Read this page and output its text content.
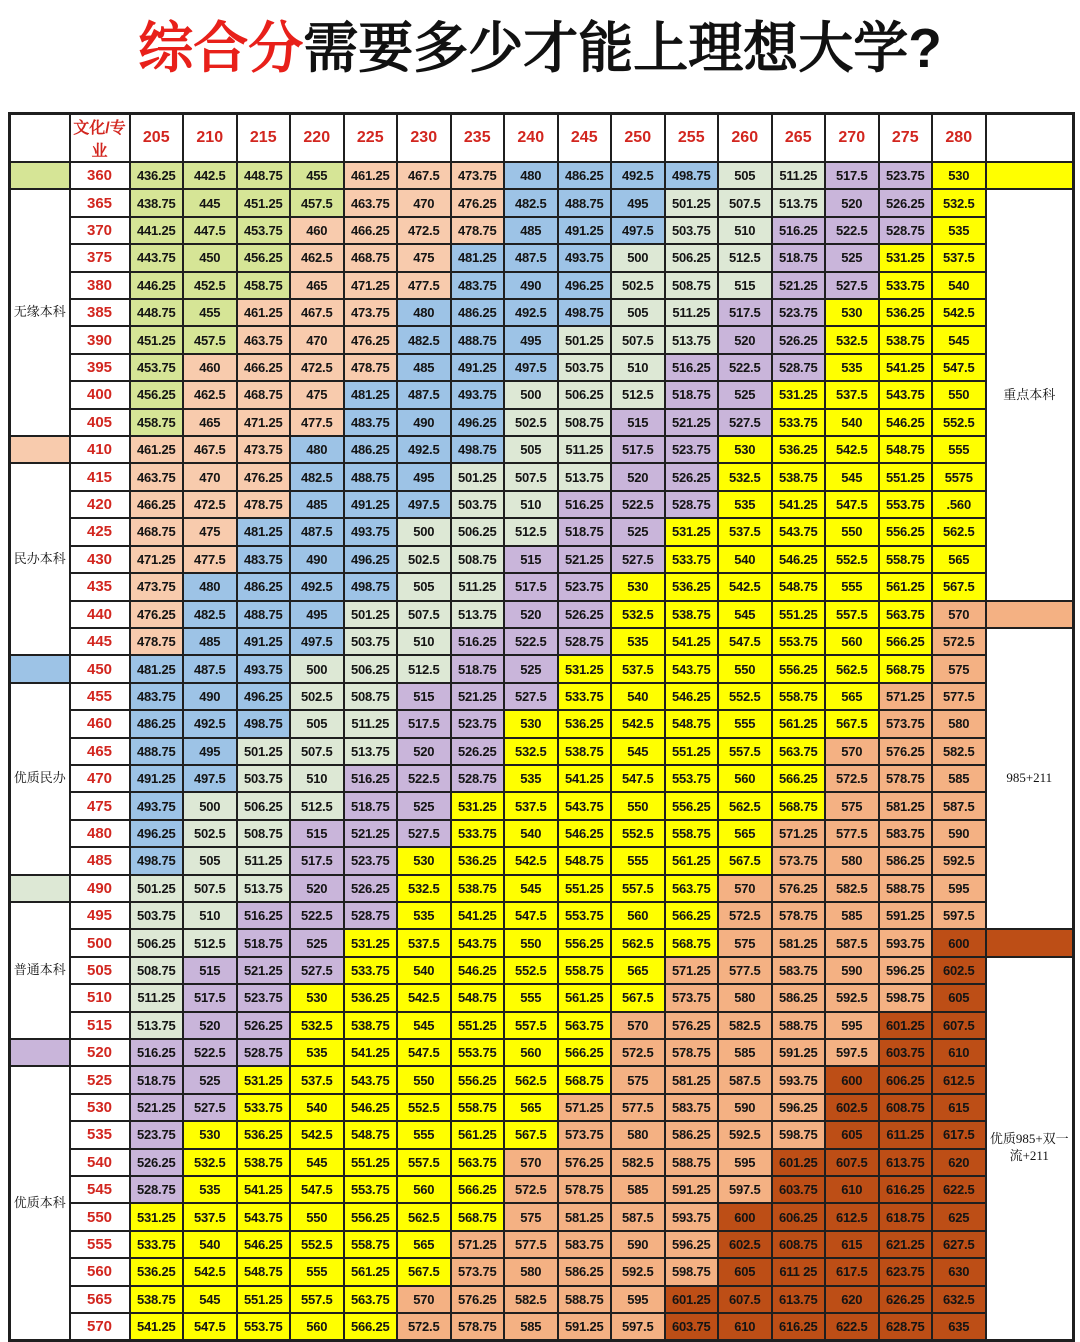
综合分需要多少才能上理想大学?
	文化/专业	205	210	215	220	225	230	235	240	245	250	255	260	265	270	275	280	
	360	436.25	442.5	448.75	455	461.25	467.5	473.75	480	486.25	492.5	498.75	505	511.25	517.5	523.75	530	
无缘本科	365	438.75	445	451.25	457.5	463.75	470	476.25	482.5	488.75	495	501.25	507.5	513.75	520	526.25	532.5	重点本科
	370	441.25	447.5	453.75	460	466.25	472.5	478.75	485	491.25	497.5	503.75	510	516.25	522.5	528.75	535	
	375	443.75	450	456.25	462.5	468.75	475	481.25	487.5	493.75	500	506.25	512.5	518.75	525	531.25	537.5	
	380	446.25	452.5	458.75	465	471.25	477.5	483.75	490	496.25	502.5	508.75	515	521.25	527.5	533.75	540	
	385	448.75	455	461.25	467.5	473.75	480	486.25	492.5	498.75	505	511.25	517.5	523.75	530	536.25	542.5	
	390	451.25	457.5	463.75	470	476.25	482.5	488.75	495	501.25	507.5	513.75	520	526.25	532.5	538.75	545	
	395	453.75	460	466.25	472.5	478.75	485	491.25	497.5	503.75	510	516.25	522.5	528.75	535	541.25	547.5	
	400	456.25	462.5	468.75	475	481.25	487.5	493.75	500	506.25	512.5	518.75	525	531.25	537.5	543.75	550	
	405	458.75	465	471.25	477.5	483.75	490	496.25	502.5	508.75	515	521.25	527.5	533.75	540	546.25	552.5	
	410	461.25	467.5	473.75	480	486.25	492.5	498.75	505	511.25	517.5	523.75	530	536.25	542.5	548.75	555	
民办本科	415	463.75	470	476.25	482.5	488.75	495	501.25	507.5	513.75	520	526.25	532.5	538.75	545	551.25	5575	
	420	466.25	472.5	478.75	485	491.25	497.5	503.75	510	516.25	522.5	528.75	535	541.25	547.5	553.75	.560	
	425	468.75	475	481.25	487.5	493.75	500	506.25	512.5	518.75	525	531.25	537.5	543.75	550	556.25	562.5	
	430	471.25	477.5	483.75	490	496.25	502.5	508.75	515	521.25	527.5	533.75	540	546.25	552.5	558.75	565	
	435	473.75	480	486.25	492.5	498.75	505	511.25	517.5	523.75	530	536.25	542.5	548.75	555	561.25	567.5	
	440	476.25	482.5	488.75	495	501.25	507.5	513.75	520	526.25	532.5	538.75	545	551.25	557.5	563.75	570	
	445	478.75	485	491.25	497.5	503.75	510	516.25	522.5	528.75	535	541.25	547.5	553.75	560	566.25	572.5	985+211
	450	481.25	487.5	493.75	500	506.25	512.5	518.75	525	531.25	537.5	543.75	550	556.25	562.5	568.75	575	
优质民办	455	483.75	490	496.25	502.5	508.75	515	521.25	527.5	533.75	540	546.25	552.5	558.75	565	571.25	577.5	
	460	486.25	492.5	498.75	505	511.25	517.5	523.75	530	536.25	542.5	548.75	555	561.25	567.5	573.75	580	
	465	488.75	495	501.25	507.5	513.75	520	526.25	532.5	538.75	545	551.25	557.5	563.75	570	576.25	582.5	
	470	491.25	497.5	503.75	510	516.25	522.5	528.75	535	541.25	547.5	553.75	560	566.25	572.5	578.75	585	
	475	493.75	500	506.25	512.5	518.75	525	531.25	537.5	543.75	550	556.25	562.5	568.75	575	581.25	587.5	
	480	496.25	502.5	508.75	515	521.25	527.5	533.75	540	546.25	552.5	558.75	565	571.25	577.5	583.75	590	
	485	498.75	505	511.25	517.5	523.75	530	536.25	542.5	548.75	555	561.25	567.5	573.75	580	586.25	592.5	
	490	501.25	507.5	513.75	520	526.25	532.5	538.75	545	551.25	557.5	563.75	570	576.25	582.5	588.75	595	
普通本科	495	503.75	510	516.25	522.5	528.75	535	541.25	547.5	553.75	560	566.25	572.5	578.75	585	591.25	597.5	
	500	506.25	512.5	518.75	525	531.25	537.5	543.75	550	556.25	562.5	568.75	575	581.25	587.5	593.75	600	
	505	508.75	515	521.25	527.5	533.75	540	546.25	552.5	558.75	565	571.25	577.5	583.75	590	596.25	602.5	优质985+双一流+211
	510	511.25	517.5	523.75	530	536.25	542.5	548.75	555	561.25	567.5	573.75	580	586.25	592.5	598.75	605	
	515	513.75	520	526.25	532.5	538.75	545	551.25	557.5	563.75	570	576.25	582.5	588.75	595	601.25	607.5	
	520	516.25	522.5	528.75	535	541.25	547.5	553.75	560	566.25	572.5	578.75	585	591.25	597.5	603.75	610	
优质本科	525	518.75	525	531.25	537.5	543.75	550	556.25	562.5	568.75	575	581.25	587.5	593.75	600	606.25	612.5	
	530	521.25	527.5	533.75	540	546.25	552.5	558.75	565	571.25	577.5	583.75	590	596.25	602.5	608.75	615	
	535	523.75	530	536.25	542.5	548.75	555	561.25	567.5	573.75	580	586.25	592.5	598.75	605	611.25	617.5	
	540	526.25	532.5	538.75	545	551.25	557.5	563.75	570	576.25	582.5	588.75	595	601.25	607.5	613.75	620	
	545	528.75	535	541.25	547.5	553.75	560	566.25	572.5	578.75	585	591.25	597.5	603.75	610	616.25	622.5	
	550	531.25	537.5	543.75	550	556.25	562.5	568.75	575	581.25	587.5	593.75	600	606.25	612.5	618.75	625	
	555	533.75	540	546.25	552.5	558.75	565	571.25	577.5	583.75	590	596.25	602.5	608.75	615	621.25	627.5	
	560	536.25	542.5	548.75	555	561.25	567.5	573.75	580	586.25	592.5	598.75	605	611 25	617.5	623.75	630	
	565	538.75	545	551.25	557.5	563.75	570	576.25	582.5	588.75	595	601.25	607.5	613.75	620	626.25	632.5	
	570	541.25	547.5	553.75	560	566.25	572.5	578.75	585	591.25	597.5	603.75	610	616.25	622.5	628.75	635	
